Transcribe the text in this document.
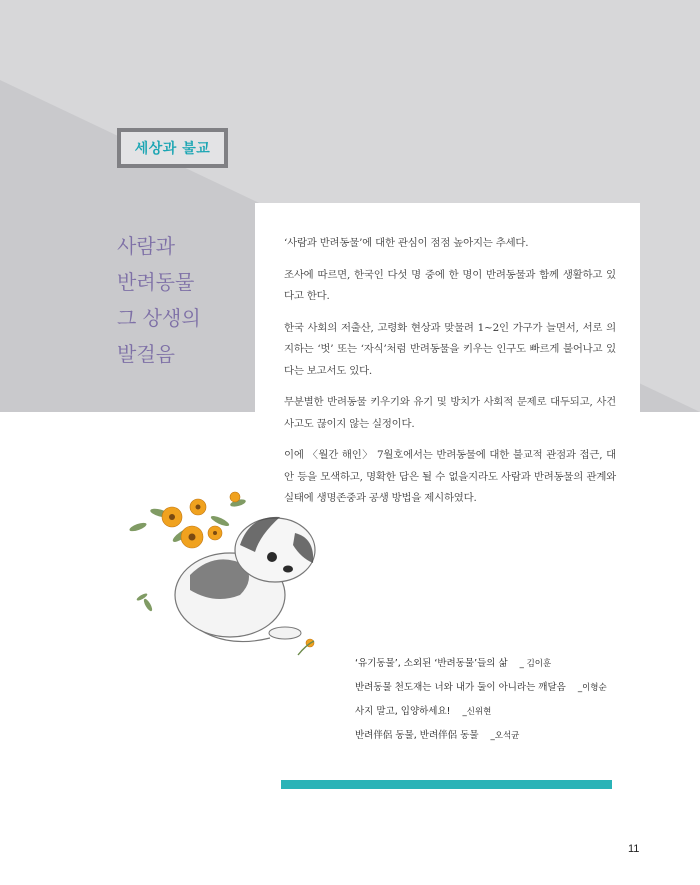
세상과 불교
사람과
반려동물
그 상생의
발걸음

‘사람과 반려동물’에 대한 관심이 점점 높아지는 추세다.

조사에 따르면, 한국인 다섯 명 중에 한 명이 반려동물과 함께 생활하고 있다고 한다.

한국 사회의 저출산, 고령화 현상과 맞물려 1~2인 가구가 늘면서, 서로 의지하는 ‘벗’ 또는 ‘자식’처럼 반려동물을 키우는 인구도 빠르게 불어나고 있다는 보고서도 있다.

무분별한 반려동물 키우기와 유기 및 방치가 사회적 문제로 대두되고, 사건 사고도 끊이지 않는 실정이다.

이에 〈월간 해인〉 7월호에서는 반려동물에 대한 불교적 관점과 접근, 대안 등을 모색하고, 명확한 답은 될 수 없을지라도 사람과 반려동물의 관계와 실태에 생명존중과 공생 방법을 제시하였다.

‘유기동물’, 소외된 ‘반려동물’들의 삶 _ 김이훈
반려동물 천도재는 너와 내가 둘이 아니라는 깨달음 _이형순
사지 말고, 입양하세요! _신위현
반려伴侶 동물, 반려伴侶 동물 _오석균
11
